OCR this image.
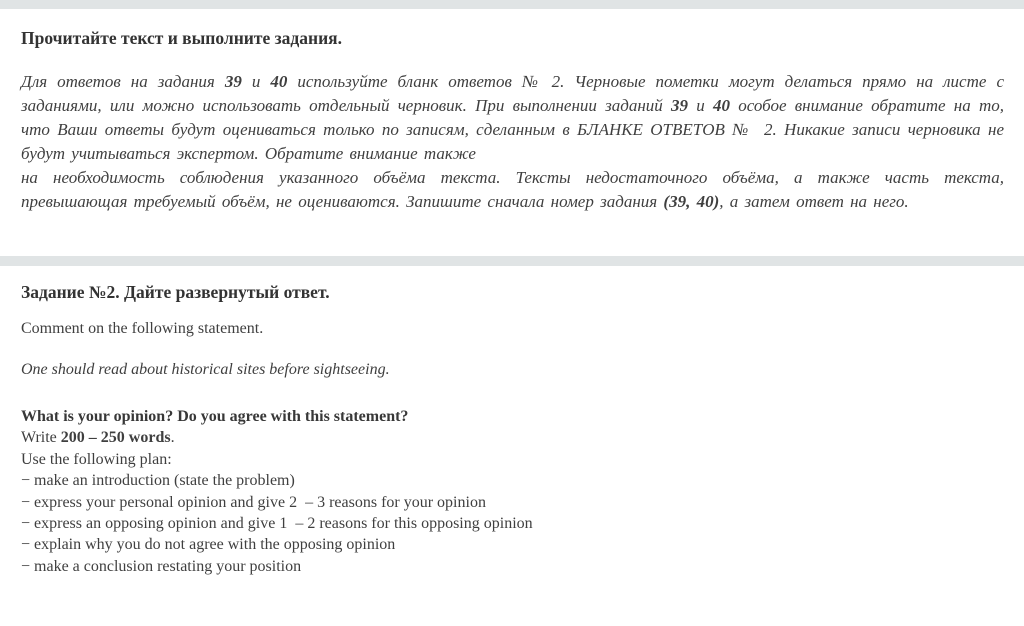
Прочитайте текст и выполните задания.
Для ответов на задания 39 и 40 используйте бланк ответов № 2. Черновые пометки могут делаться прямо на листе с заданиями, или можно использовать отдельный черновик. При выполнении заданий 39 и 40 особое внимание обратите на то, что Ваши ответы будут оцениваться только по записям, сделанным в БЛАНКЕ ОТВЕТОВ №  2. Никакие записи черновика не будут учитываться экспертом. Обратите внимание также
на необходимость соблюдения указанного объёма текста. Тексты недостаточного объёма, а также часть текста, превышающая требуемый объём, не оцениваются. Запишите сначала номер задания (39, 40), а затем ответ на него.
Задание №2. Дайте развернутый ответ.
Comment on the following statement.
One should read about historical sites before sightseeing.
What is your opinion? Do you agree with this statement?
Write 200 – 250 words.
Use the following plan:
− make an introduction (state the problem)
− express your personal opinion and give 2  – 3 reasons for your opinion
− express an opposing opinion and give 1  – 2 reasons for this opposing opinion
− explain why you do not agree with the opposing opinion
− make a conclusion restating your position
